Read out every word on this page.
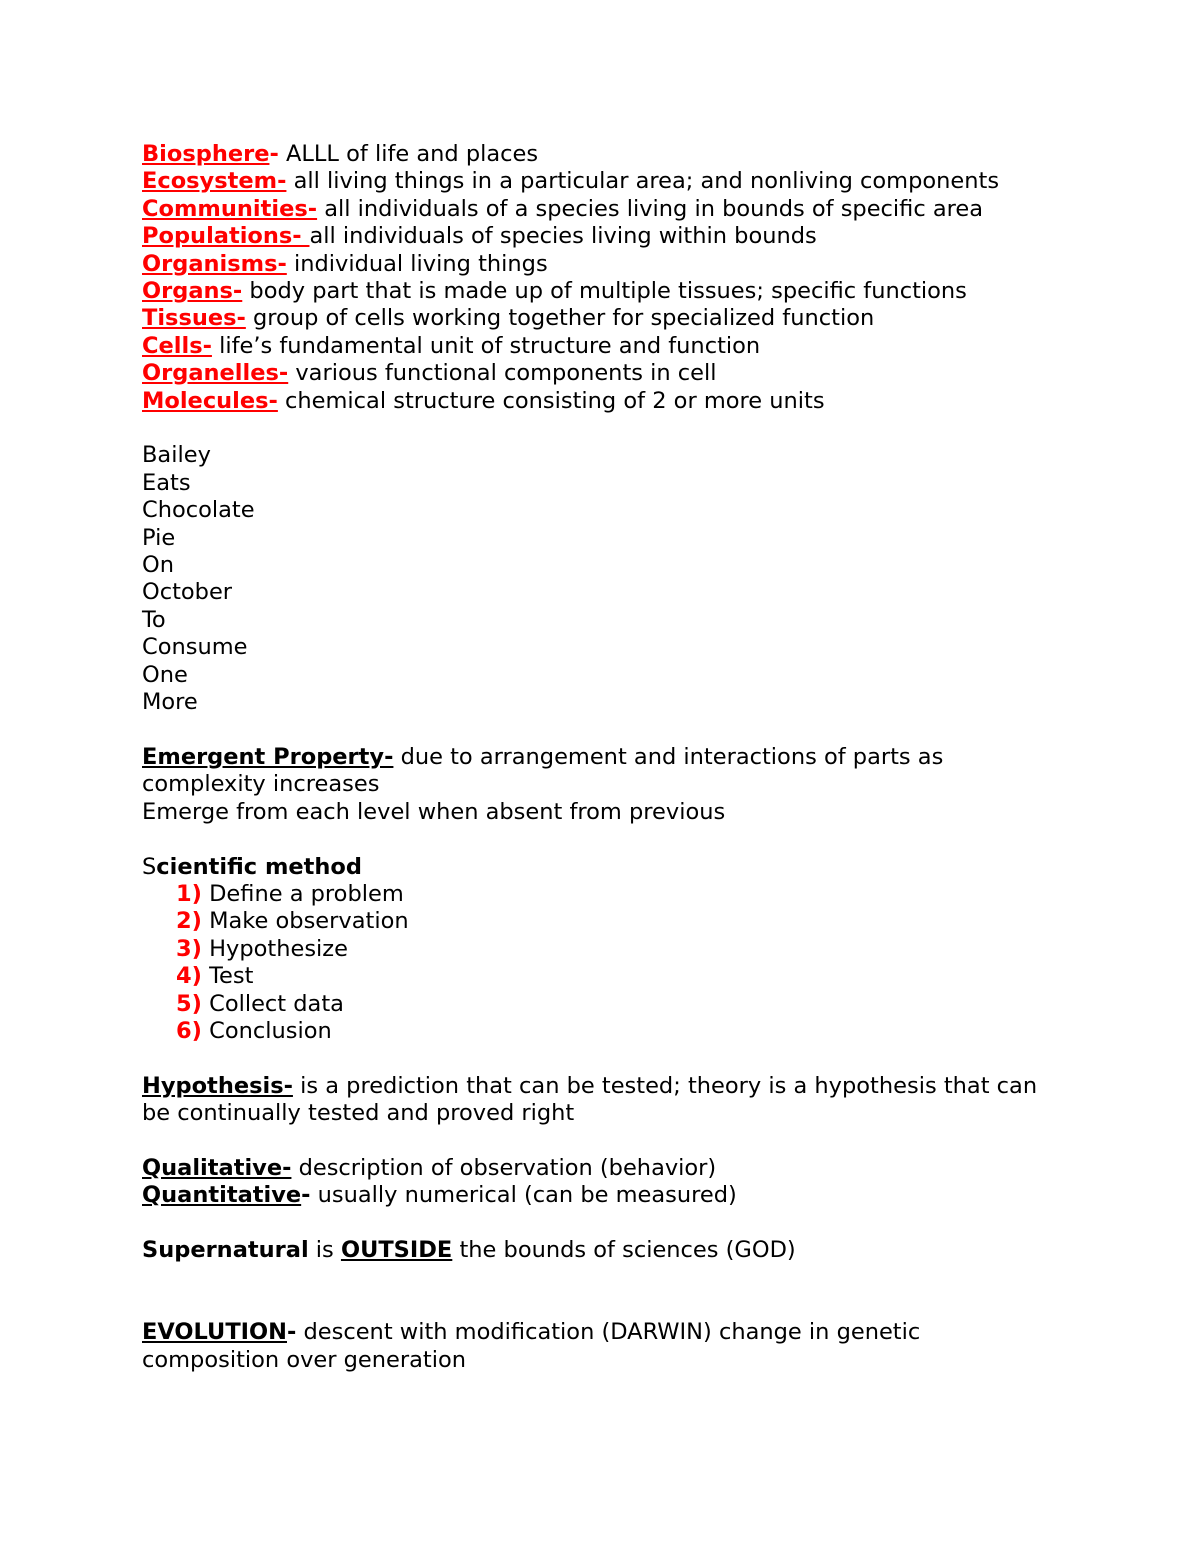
Biosphere- ALLL of life and places
Ecosystem- all living things in a particular area; and nonliving components
Communities- all individuals of a species living in bounds of specific area
Populations- all individuals of species living within bounds
Organisms- individual living things
Organs- body part that is made up of multiple tissues; specific functions
Tissues- group of cells working together for specialized function
Cells- life’s fundamental unit of structure and function
Organelles- various functional components in cell
Molecules- chemical structure consisting of 2 or more units
Bailey
Eats
Chocolate
Pie
On
October
To
Consume
One
More
Emergent Property- due to arrangement and interactions of parts as complexity increases
Emerge from each level when absent from previous
Scientific method
1) Define a problem
2) Make observation
3) Hypothesize
4) Test
5) Collect data
6) Conclusion
Hypothesis- is a prediction that can be tested; theory is a hypothesis that can be continually tested and proved right
Qualitative- description of observation (behavior)
Quantitative- usually numerical (can be measured)
Supernatural is OUTSIDE the bounds of sciences (GOD)
EVOLUTION- descent with modification (DARWIN) change in genetic composition over generation
